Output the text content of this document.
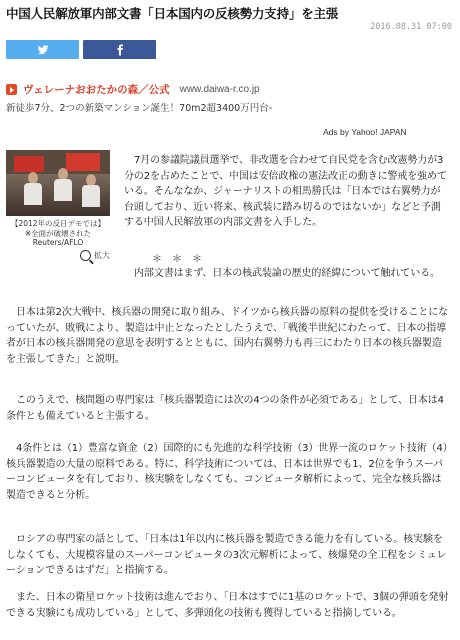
中国人民解放軍内部文書「日本国内の反核勢力支持」を主張
2016.08.31 07:00
ヴェレーナおおたかの森／公式 www.daiwa-r.co.jp
新徒歩7分、2つの新築マンション誕生！70m2超3400万円台-
Ads by Yahoo! JAPAN
【2012年の反日デモでは】
※全面が破壊された
Reuters/AFLO
拡大
7月の参議院議員選挙で、非改選を合わせて自民党を含む改憲勢力が3分の2を占めたことで、中国は安倍政権の憲法改正の動きに警戒を強めている。そんななか、ジャーナリストの相馬勝氏は「日本では右翼勢力が台頭しており、近い将来、核武装に踏み切るのではないか」などと予測する中国人民解放軍の内部文書を入手した。
＊＊＊
内部文書はまず、日本の核武装論の歴史的経緯について触れている。
日本は第2次大戦中、核兵器の開発に取り組み、ドイツから核兵器の原料の提供を受けることになっていたが、敗戦により、製造は中止となったとしたうえで、「戦後半世紀にわたって、日本の指導者が日本の核兵器開発の意思を表明するとともに、国内右翼勢力も再三にわたり日本の核兵器製造を主張してきた」と説明。
このうえで、核問題の専門家は「核兵器製造には次の4つの条件が必須である」として、日本は4条件とも備えていると主張する。
4条件とは（1）豊富な資金（2）国際的にも先進的な科学技術（3）世界一流のロケット技術（4）核兵器製造の大量の原料である。特に、科学技術については、日本は世界でも1、2位を争うスーパーコンピュータを有しており、核実験をしなくても、コンピュータ解析によって、完全な核兵器は製造できると分析。
ロシアの専門家の話として、「日本は1年以内に核兵器を製造できる能力を有している。核実験をしなくても、大規模容量のスーパーコンピュータの3次元解析によって、核爆発の全工程をシミュレーションできるはずだ」と指摘する。
また、日本の衛星ロケット技術は進んでおり、「日本はすでに1基のロケットで、3個の弾頭を発射できる実験にも成功している」として、多弾頭化の技術も獲得していると指摘している。
